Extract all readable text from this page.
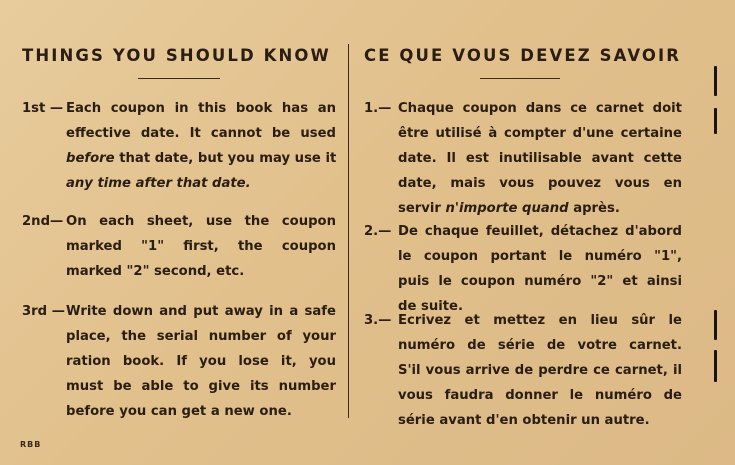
THINGS YOU SHOULD KNOW
1st — Each coupon in this book has an
effective date. It cannot be used
before that date, but you may use it
any time after that date.
2nd— On each sheet, use the coupon
marked "1" first, the coupon
marked "2" second, etc.
3rd — Write down and put away in a safe
place, the serial number of your
ration book. If you lose it, you
must be able to give its number
before you can get a new one.
CE QUE VOUS DEVEZ SAVOIR
1.— Chaque coupon dans ce carnet doit
être utilisé à compter d'une certaine
date. Il est inutilisable avant cette
date, mais vous pouvez vous en
servir n'importe quand après.
2.— De chaque feuillet, détachez d'abord
le coupon portant le numéro "1",
puis le coupon numéro "2" et ainsi
de suite.
3.— Ecrivez et mettez en lieu sûr le
numéro de série de votre carnet.
S'il vous arrive de perdre ce carnet, il
vous faudra donner le numéro de
série avant d'en obtenir un autre.
RBB
